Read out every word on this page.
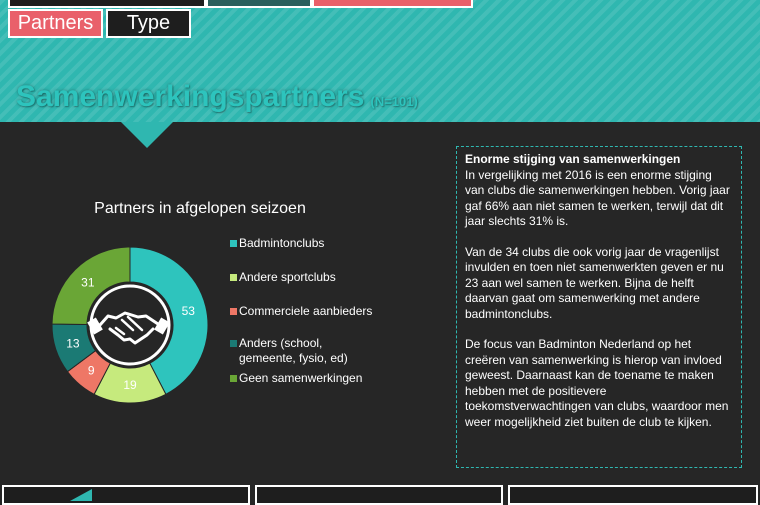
Partners	Type
Samenwerkingspartners (N=101)
Partners in afgelopen seizoen
53
19
9
13
31
Badmintonclubs
Andere sportclubs
Commerciele aanbieders
Anders (school,
gemeente, fysio, ed)
Geen samenwerkingen

Enorme stijging van samenwerkingen
In vergelijking met 2016 is een enorme stijging van clubs die samenwerkingen hebben. Vorig jaar gaf 66% aan niet samen te werken, terwijl dat dit jaar slechts 31% is.

Van de 34 clubs die ook vorig jaar de vragenlijst invulden en toen niet samenwerkten geven er nu 23 aan wel samen te werken. Bijna de helft daarvan gaat om samenwerking met andere badmintonclubs.

De focus van Badminton Nederland op het creëren van samenwerking is hierop van invloed geweest. Daarnaast kan de toename te maken hebben met de positievere toekomstverwachtingen van clubs, waardoor men weer mogelijkheid ziet buiten de club te kijken.
